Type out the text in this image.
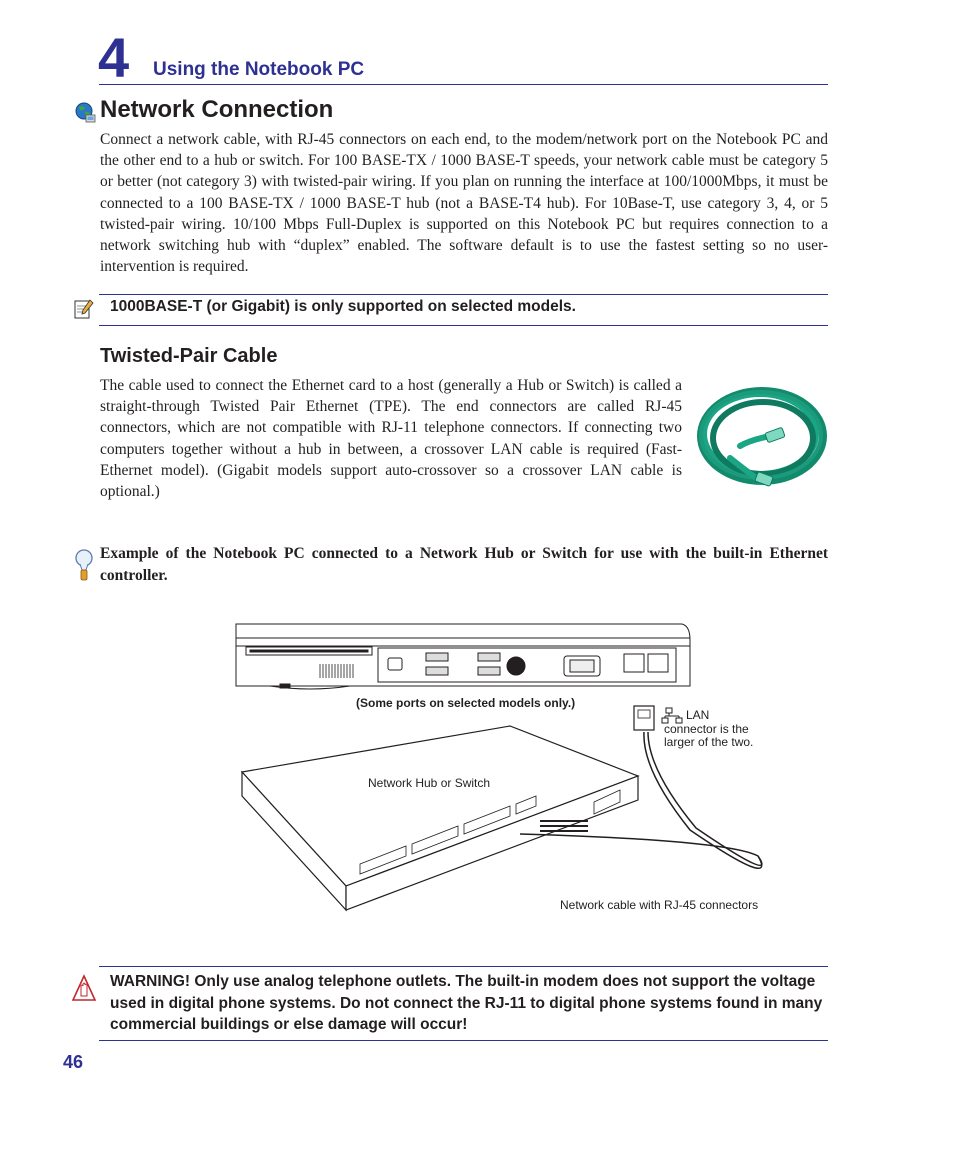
4 Using the Notebook PC
Network Connection
Connect a network cable, with RJ-45 connectors on each end, to the modem/network port on the Notebook PC and the other end to a hub or switch. For 100 BASE-TX / 1000 BASE-T speeds, your network cable must be category 5 or better (not category 3) with twisted-pair wiring. If you plan on running the interface at 100/1000Mbps, it must be connected to a 100 BASE-TX / 1000 BASE-T hub (not a BASE-T4 hub). For 10Base-T, use category 3, 4, or 5 twisted-pair wiring. 10/100 Mbps Full-Duplex is supported on this Notebook PC but requires connection to a network switching hub with “duplex” enabled. The software default is to use the fastest setting so no user-intervention is required.
1000BASE-T (or Gigabit) is only supported on selected models.
Twisted-Pair Cable
The cable used to connect the Ethernet card to a host (generally a Hub or Switch) is called a straight-through Twisted Pair Ethernet (TPE). The end connectors are called RJ-45 connectors, which are not compatible with RJ-11 telephone connectors. If connecting two computers together without a hub in between, a crossover LAN cable is required (Fast-Ethernet model). (Gigabit models support auto-crossover so a crossover LAN cable is optional.)
Example of the Notebook PC connected to a Network Hub or Switch for use with the built-in Ethernet controller.
(Some ports on selected models only.)
LAN
connector is the
larger of the two.
Network Hub or Switch
Network cable with RJ-45 connectors
WARNING! Only use analog telephone outlets. The built-in modem does not support the voltage used in digital phone systems. Do not connect the RJ-11 to digital phone systems found in many commercial buildings or else damage will occur!
46
